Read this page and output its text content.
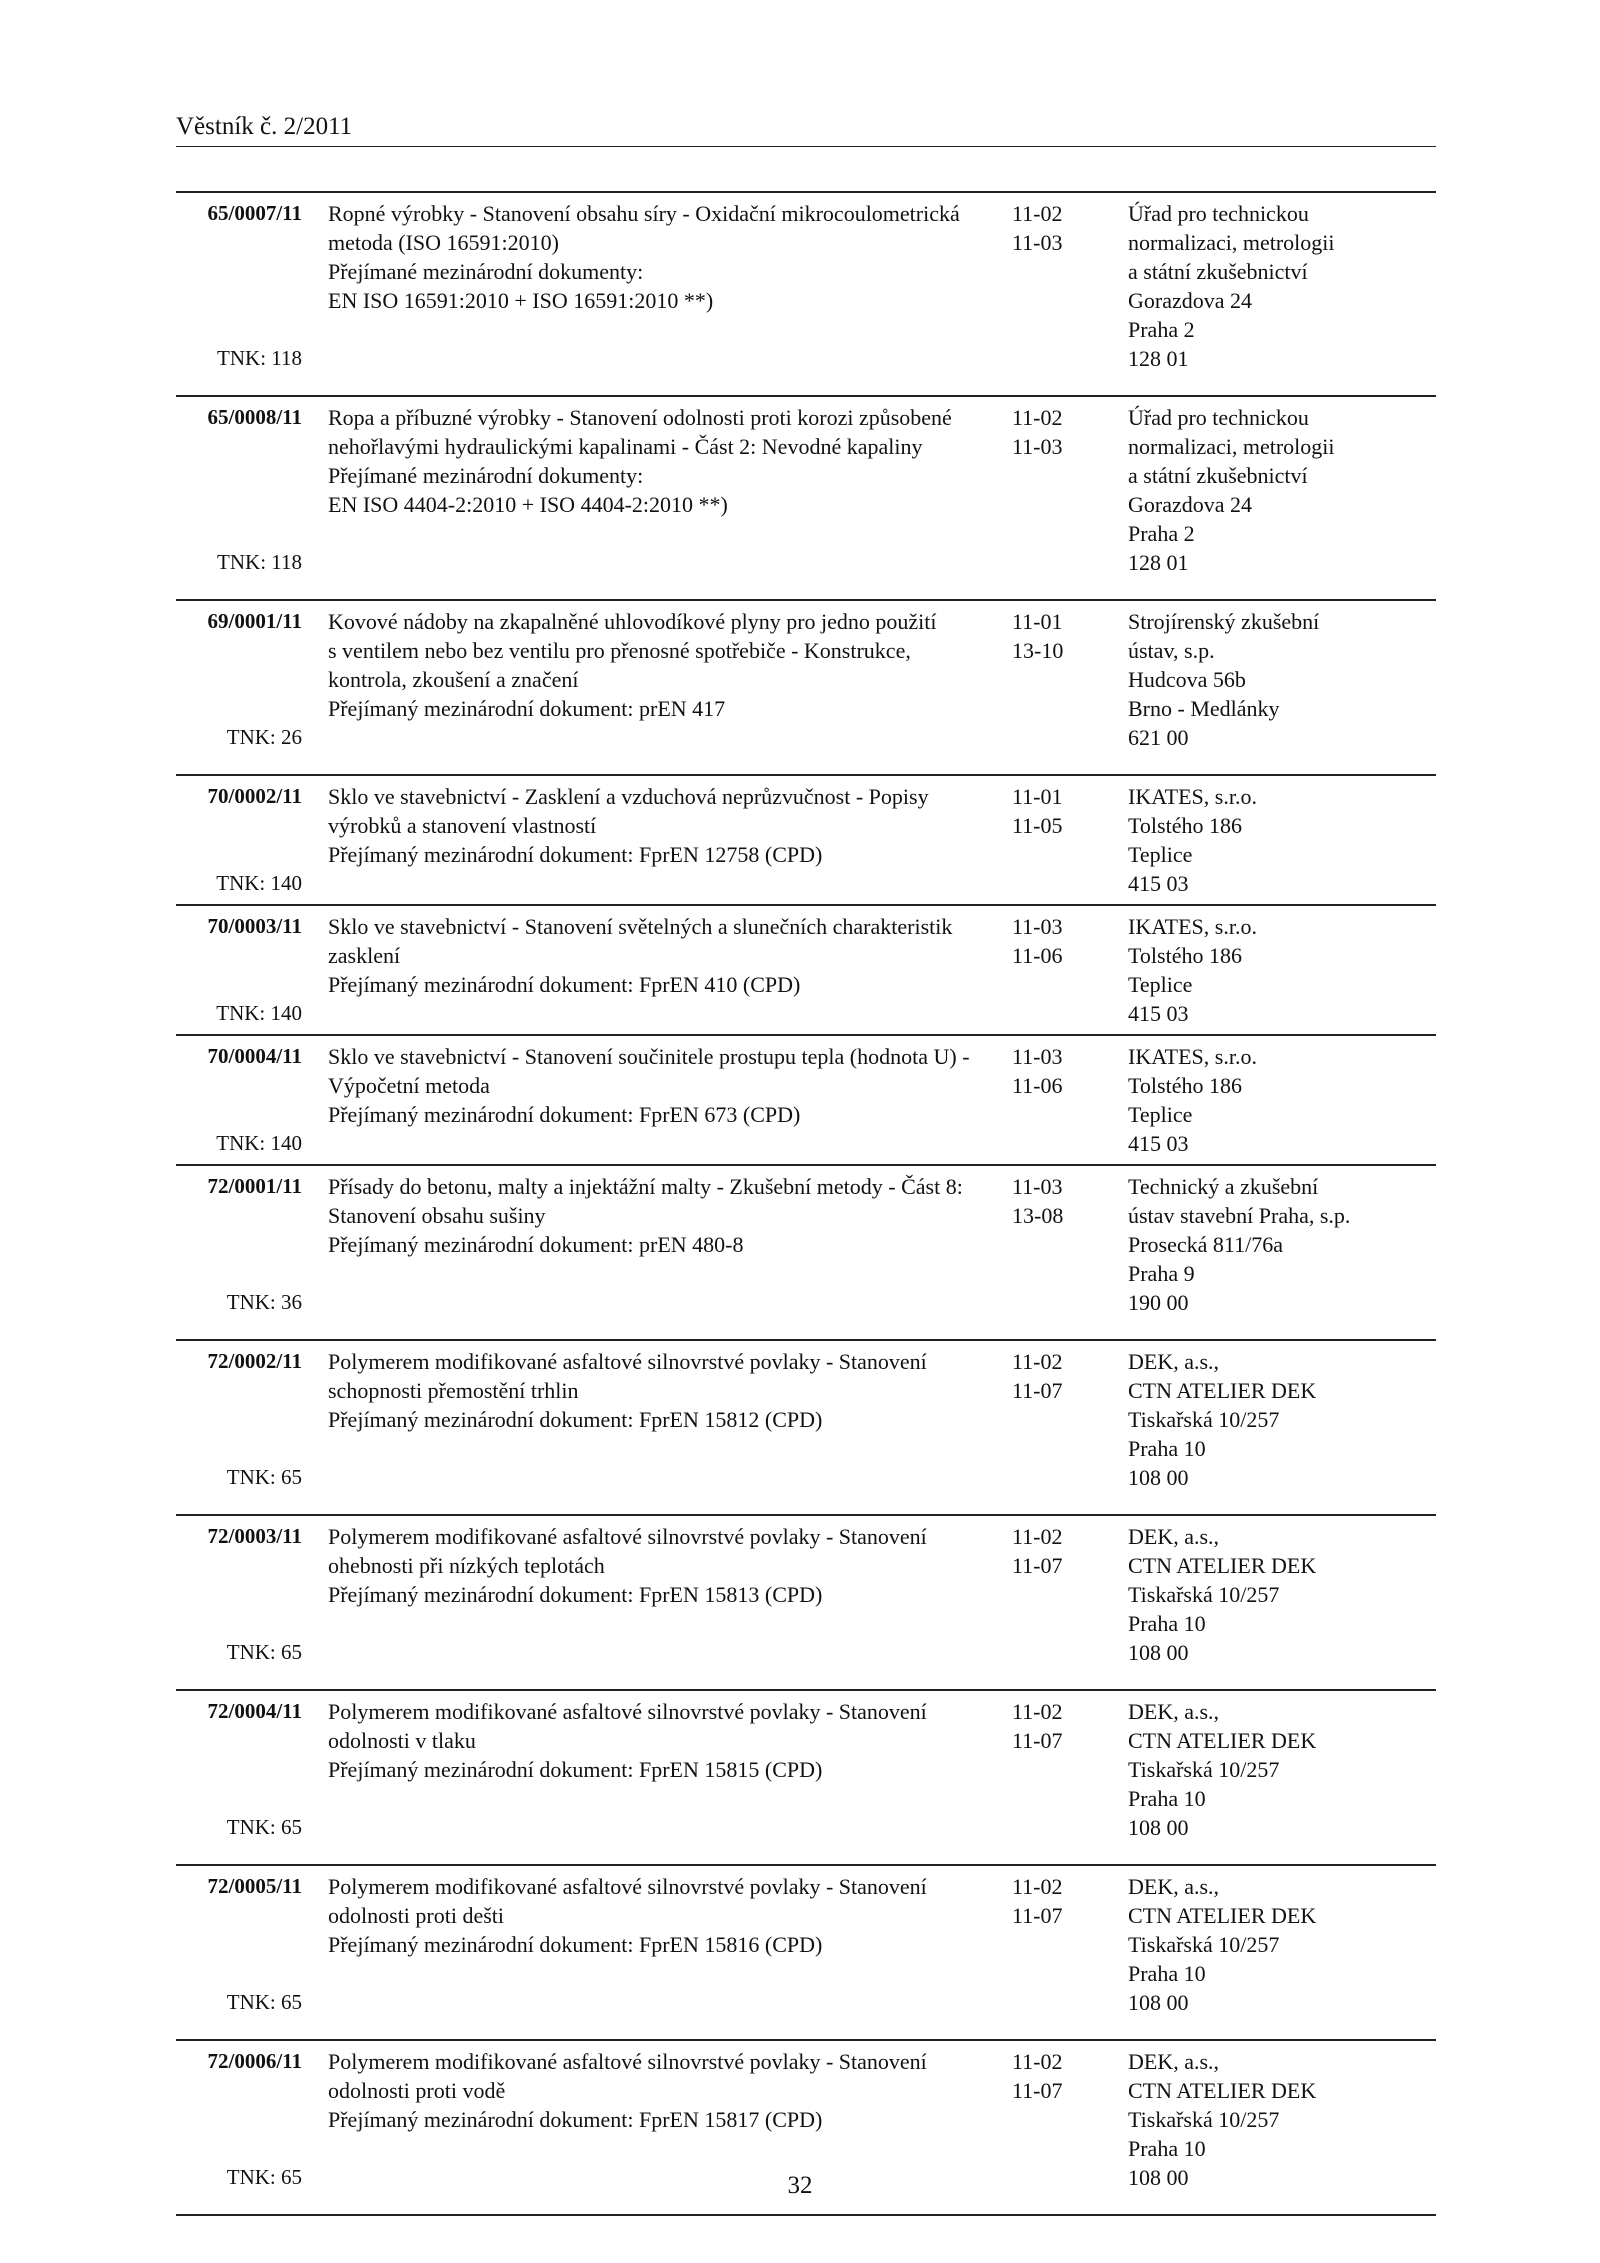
Věstník č. 2/2011
65/0007/11
TNK: 118
Ropné výrobky - Stanovení obsahu síry - Oxidační mikrocoulometrická
metoda (ISO 16591:2010)
Přejímané mezinárodní dokumenty:
EN ISO 16591:2010 + ISO 16591:2010 **)
11-02
11-03
Úřad pro technickou
normalizaci, metrologii
a státní zkušebnictví
Gorazdova 24
Praha 2
128 01
65/0008/11
TNK: 118
Ropa a příbuzné výrobky - Stanovení odolnosti proti korozi způsobené
nehořlavými hydraulickými kapalinami - Část 2: Nevodné kapaliny
Přejímané mezinárodní dokumenty:
EN ISO 4404-2:2010 + ISO 4404-2:2010 **)
11-02
11-03
Úřad pro technickou
normalizaci, metrologii
a státní zkušebnictví
Gorazdova 24
Praha 2
128 01
69/0001/11
TNK: 26
Kovové nádoby na zkapalněné uhlovodíkové plyny pro jedno použití
s ventilem nebo bez ventilu pro přenosné spotřebiče - Konstrukce,
kontrola, zkoušení a značení
Přejímaný mezinárodní dokument: prEN 417
11-01
13-10
Strojírenský zkušební
ústav, s.p.
Hudcova 56b
Brno - Medlánky
621 00
70/0002/11
TNK: 140
Sklo ve stavebnictví - Zasklení a vzduchová neprůzvučnost - Popisy
výrobků a stanovení vlastností
Přejímaný mezinárodní dokument: FprEN 12758 (CPD)
11-01
11-05
IKATES, s.r.o.
Tolstého 186
Teplice
415 03
70/0003/11
TNK: 140
Sklo ve stavebnictví - Stanovení světelných a slunečních charakteristik
zasklení
Přejímaný mezinárodní dokument: FprEN 410 (CPD)
11-03
11-06
IKATES, s.r.o.
Tolstého 186
Teplice
415 03
70/0004/11
TNK: 140
Sklo ve stavebnictví - Stanovení součinitele prostupu tepla (hodnota U) -
Výpočetní metoda
Přejímaný mezinárodní dokument: FprEN 673 (CPD)
11-03
11-06
IKATES, s.r.o.
Tolstého 186
Teplice
415 03
72/0001/11
TNK: 36
Přísady do betonu, malty a injektážní malty - Zkušební metody - Část 8:
Stanovení obsahu sušiny
Přejímaný mezinárodní dokument: prEN 480-8
11-03
13-08
Technický a zkušební
ústav stavební Praha, s.p.
Prosecká 811/76a
Praha 9
190 00
72/0002/11
TNK: 65
Polymerem modifikované asfaltové silnovrstvé povlaky - Stanovení
schopnosti přemostění trhlin
Přejímaný mezinárodní dokument: FprEN 15812 (CPD)
11-02
11-07
DEK, a.s.,
CTN ATELIER DEK
Tiskařská 10/257
Praha 10
108 00
72/0003/11
TNK: 65
Polymerem modifikované asfaltové silnovrstvé povlaky - Stanovení
ohebnosti při nízkých teplotách
Přejímaný mezinárodní dokument: FprEN 15813 (CPD)
11-02
11-07
DEK, a.s.,
CTN ATELIER DEK
Tiskařská 10/257
Praha 10
108 00
72/0004/11
TNK: 65
Polymerem modifikované asfaltové silnovrstvé povlaky - Stanovení
odolnosti v tlaku
Přejímaný mezinárodní dokument: FprEN 15815 (CPD)
11-02
11-07
DEK, a.s.,
CTN ATELIER DEK
Tiskařská 10/257
Praha 10
108 00
72/0005/11
TNK: 65
Polymerem modifikované asfaltové silnovrstvé povlaky - Stanovení
odolnosti proti dešti
Přejímaný mezinárodní dokument: FprEN 15816 (CPD)
11-02
11-07
DEK, a.s.,
CTN ATELIER DEK
Tiskařská 10/257
Praha 10
108 00
72/0006/11
TNK: 65
Polymerem modifikované asfaltové silnovrstvé povlaky - Stanovení
odolnosti proti vodě
Přejímaný mezinárodní dokument: FprEN 15817 (CPD)
11-02
11-07
DEK, a.s.,
CTN ATELIER DEK
Tiskařská 10/257
Praha 10
108 00
32
